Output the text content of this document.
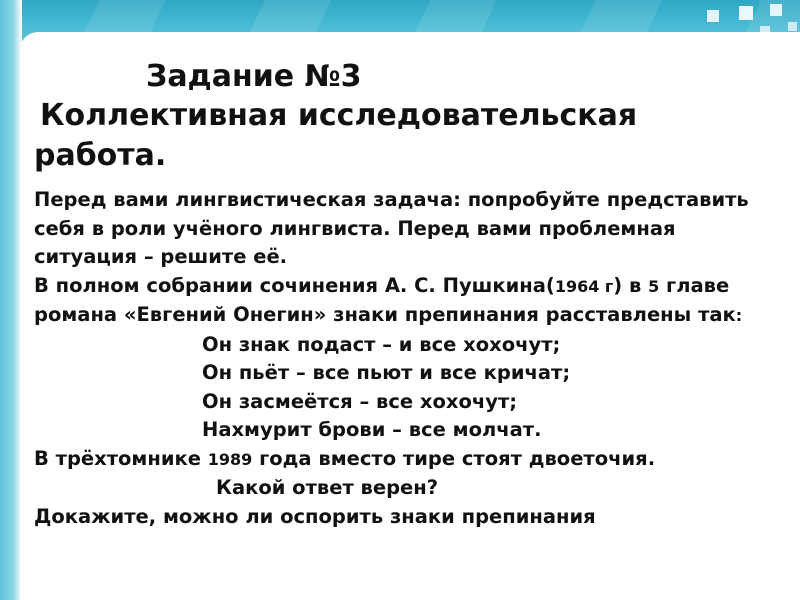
Задание №3
Коллективная исследовательская работа.
Перед вами лингвистическая задача: попробуйте представить себя в роли учёного лингвиста. Перед вами проблемная ситуация – решите её.
В полном собрании сочинения А. С. Пушкина(1964 г) в 5 главе романа «Евгений Онегин» знаки препинания расставлены так:
Он знак подаст – и все хохочут;
Он пьёт – все пьют и все кричат;
Он засмеётся – все хохочут;
Нахмурит брови – все молчат.
В трёхтомнике 1989 года вместо тире стоят двоеточия.
Какой ответ верен?
Докажите, можно ли оспорить знаки препинания
